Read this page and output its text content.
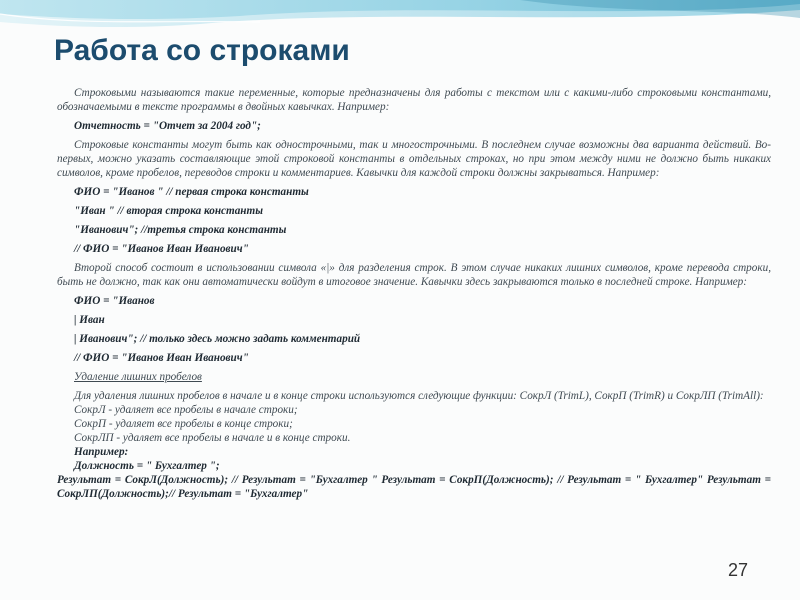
Работа со строками

Строковыми называются такие переменные, которые предназначены для работы с текстом или с какими-либо строковыми константами, обозначаемыми в тексте программы в двойных кавычках. Например:

Отчетность = "Отчет за 2004 год";

Строковые константы могут быть как однострочными, так и многострочными. В последнем случае возможны два варианта действий. Во-первых, можно указать составляющие этой строковой константы в отдельных строках, но при этом между ними не должно быть никаких символов, кроме пробелов, переводов строки и комментариев. Кавычки для каждой строки должны закрываться. Например:

ФИО = "Иванов " // первая строка константы

"Иван " // вторая строка константы

"Иванович"; //третья строка константы

// ФИО = "Иванов Иван Иванович"

Второй способ состоит в использовании символа «|» для разделения строк. В этом случае никаких лишних символов, кроме перевода строки, быть не должно, так как они автоматически войдут в итоговое значение. Кавычки здесь закрываются только в последней строке. Например:

ФИО = "Иванов

| Иван

| Иванович"; // только здесь можно задать комментарий

// ФИО = "Иванов Иван Иванович"

Удаление лишних пробелов

Для удаления лишних пробелов в начале и в конце строки используются следующие функции: СокрЛ (TrimL), СокрП (TrimR) и СокрЛП (TrimAll):

СокрЛ - удаляет все пробелы в начале строки;

СокрП - удаляет все пробелы в конце строки;

СокрЛП - удаляет все пробелы в начале и в конце строки.

Например:

Должность = " Бухгалтер ";

Результат = СокрЛ(Должность); // Результат = "Бухгалтер " Результат = СокрП(Должность); // Результат = " Бухгалтер" Результат = СокрЛП(Должность);// Результат = "Бухгалтер"

27
